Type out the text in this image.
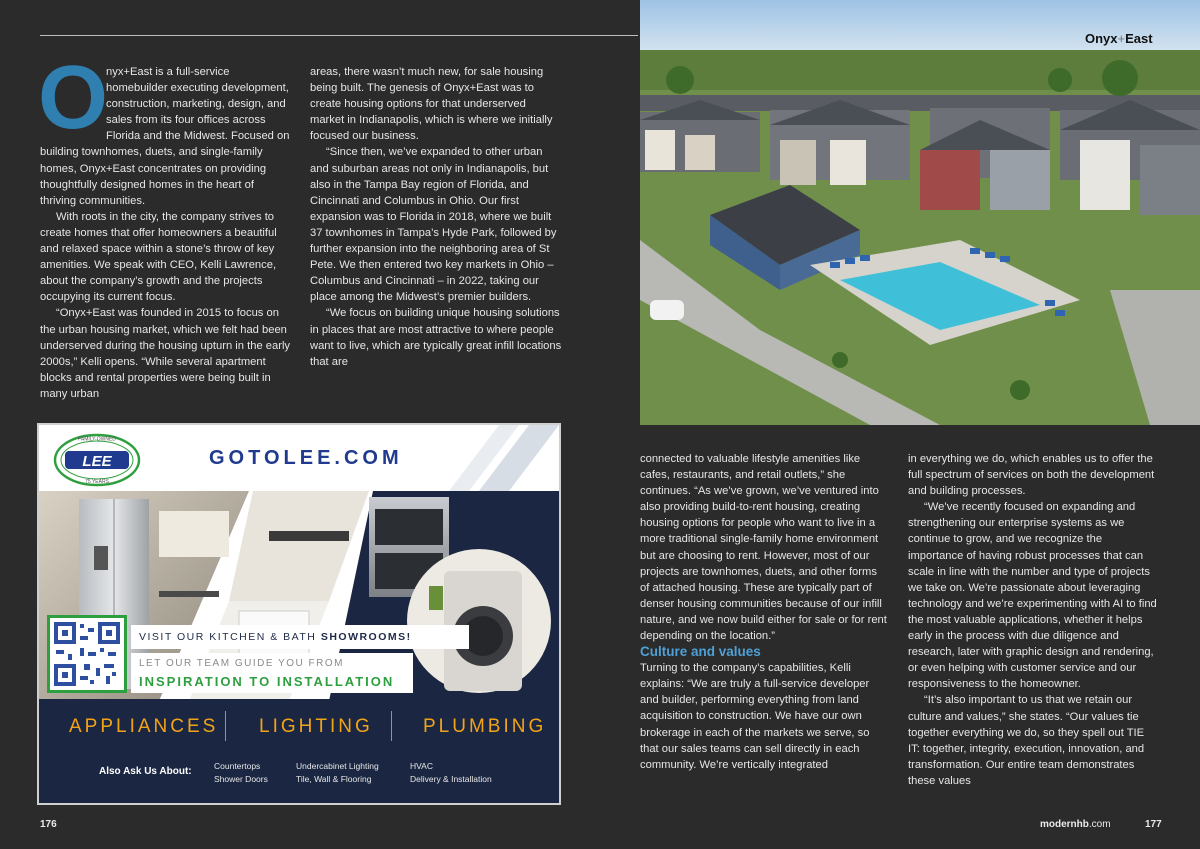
O
nyx+East is a full-service homebuilder executing development, construction, marketing, design, and sales from its four offices across Florida and the Midwest. Focused on building townhomes, duets, and single-family homes, Onyx+East concentrates on providing thoughtfully designed homes in the heart of thriving communities.

With roots in the city, the company strives to create homes that offer homeowners a beautiful and relaxed space within a stone’s throw of key amenities. We speak with CEO, Kelli Lawrence, about the company’s growth and the projects occupying its current focus.

“Onyx+East was founded in 2015 to focus on the urban housing market, which we felt had been underserved during the housing upturn in the early 2000s,” Kelli opens. “While several apartment blocks and rental properties were being built in many urban

areas, there wasn’t much new, for sale housing being built. The genesis of Onyx+East was to create housing options for that underserved market in Indianapolis, which is where we initially focused our business.

“Since then, we’ve expanded to other urban and suburban areas not only in Indianapolis, but also in the Tampa Bay region of Florida, and Cincinnati and Columbus in Ohio. Our first expansion was to Florida in 2018, where we built 37 townhomes in Tampa’s Hyde Park, followed by further expansion into the neighboring area of St Pete. We then entered two key markets in Ohio – Columbus and Cincinnati – in 2022, taking our place among the Midwest’s premier builders.

“We focus on building unique housing solutions in places that are most attractive to where people want to live, which are typically great infill locations that are

FAMILY-OWNED
LEE
75 YEARS
GOTOLEE.COM
VISIT OUR KITCHEN & BATH SHOWROOMS!
LET OUR TEAM GUIDE YOU FROM
INSPIRATION TO INSTALLATION
APPLIANCES LIGHTING	PLUMBING
Also Ask Us About:	Countertops
Shower Doors
Undercabinet Lighting
Tile, Wall & Flooring
HVAC
Delivery & Installation
176
Onyx+East

connected to valuable lifestyle amenities like cafes, restaurants, and retail outlets,” she continues. “As we’ve grown, we’ve ventured into also providing build-to-rent housing, creating housing options for people who want to live in a more traditional single-family home environment but are choosing to rent. However, most of our projects are townhomes, duets, and other forms of attached housing. These are typically part of denser housing communities because of our infill nature, and we now build either for sale or for rent depending on the location.”

Culture and values

Turning to the company’s capabilities, Kelli explains: “We are truly a full-service developer and builder, performing everything from land acquisition to construction. We have our own brokerage in each of the markets we serve, so that our sales teams can sell directly in each community. We’re vertically integrated

in everything we do, which enables us to offer the full spectrum of services on both the development and building processes.

“We’ve recently focused on expanding and strengthening our enterprise systems as we continue to grow, and we recognize the importance of having robust processes that can scale in line with the number and type of projects we take on. We’re passionate about leveraging technology and we’re experimenting with AI to find the most valuable applications, whether it helps early in the process with due diligence and research, later with graphic design and rendering, or even helping with customer service and our responsiveness to the homeowner.

“It’s also important to us that we retain our culture and values,” she states. “Our values tie together everything we do, so they spell out TIE IT: together, integrity, execution, innovation, and transformation. Our entire team demonstrates these values

modernhb.com	177
